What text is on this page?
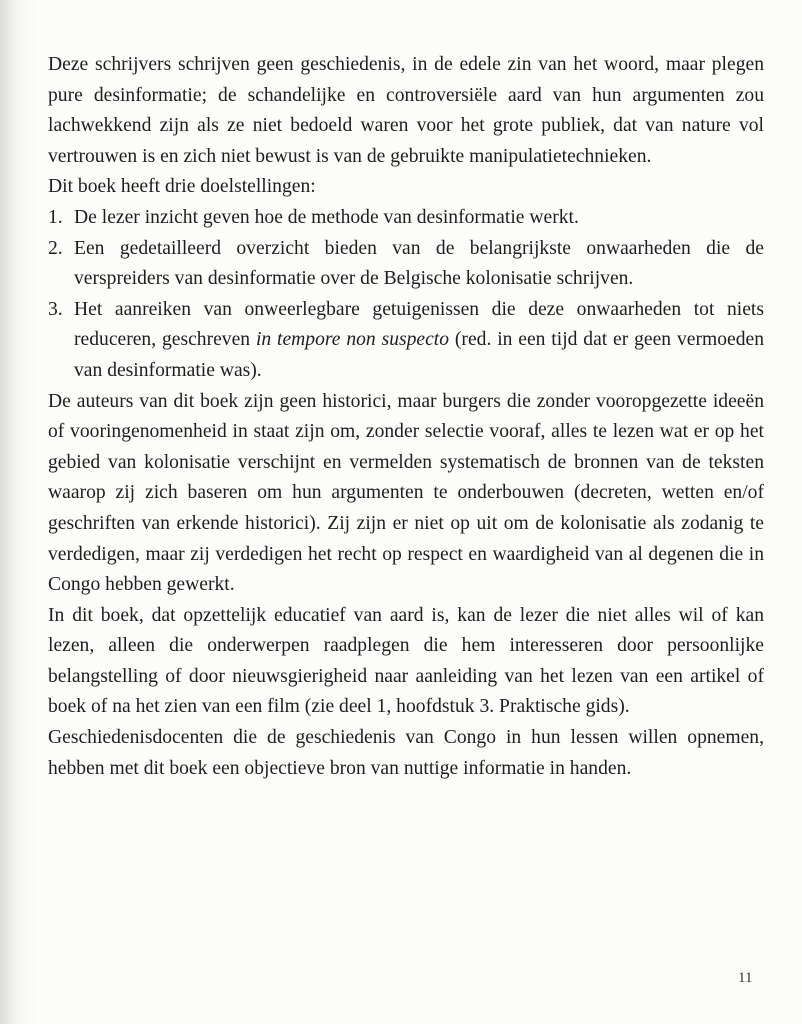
Deze schrijvers schrijven geen geschiedenis, in de edele zin van het woord, maar plegen pure desinformatie; de schandelijke en controversiële aard van hun argumenten zou lachwekkend zijn als ze niet bedoeld waren voor het grote publiek, dat van nature vol vertrouwen is en zich niet bewust is van de gebruikte manipulatietechnieken.

Dit boek heeft drie doelstellingen:

1. De lezer inzicht geven hoe de methode van desinformatie werkt.
2. Een gedetailleerd overzicht bieden van de belangrijkste onwaarheden die de verspreiders van desinformatie over de Belgische kolonisatie schrijven.
3. Het aanreiken van onweerlegbare getuigenissen die deze onwaarheden tot niets reduceren, geschreven in tempore non suspecto (red. in een tijd dat er geen vermoeden van desinformatie was).

De auteurs van dit boek zijn geen historici, maar burgers die zonder vooropgezette ideeën of vooringenomenheid in staat zijn om, zonder selectie vooraf, alles te lezen wat er op het gebied van kolonisatie verschijnt en vermelden systematisch de bronnen van de teksten waarop zij zich baseren om hun argumenten te onderbouwen (decreten, wetten en/of geschriften van erkende historici). Zij zijn er niet op uit om de kolonisatie als zodanig te verdedigen, maar zij verdedigen het recht op respect en waardigheid van al degenen die in Congo hebben gewerkt.

In dit boek, dat opzettelijk educatief van aard is, kan de lezer die niet alles wil of kan lezen, alleen die onderwerpen raadplegen die hem interesseren door persoonlijke belangstelling of door nieuwsgierigheid naar aanleiding van het lezen van een artikel of boek of na het zien van een film (zie deel 1, hoofdstuk 3. Praktische gids).

Geschiedenisdocenten die de geschiedenis van Congo in hun lessen willen opnemen, hebben met dit boek een objectieve bron van nuttige informatie in handen.

11
